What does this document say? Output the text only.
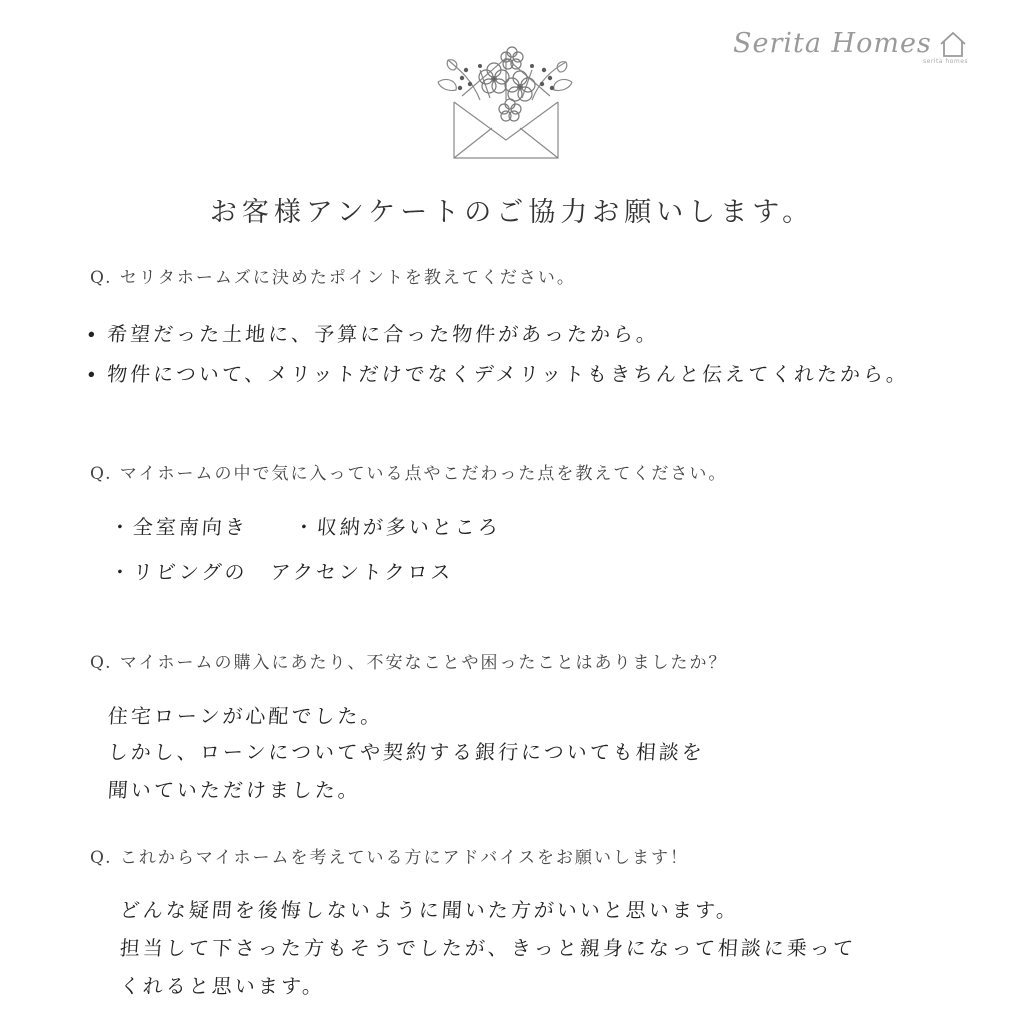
Serita Homes
serita homes
お客様アンケートのご協力お願いします。
Q. セリタホームズに決めたポイントを教えてください。
• 希望だった土地に、予算に合った物件があったから。
• 物件について、メリットだけでなくデメリットもきちんと伝えてくれたから。
Q. マイホームの中で気に入っている点やこだわった点を教えてください。
・全室南向き　　・収納が多いところ
・リビングの　アクセントクロス
Q. マイホームの購入にあたり、不安なことや困ったことはありましたか？
住宅ローンが心配でした。
しかし、ローンについてや契約する銀行についても相談を
聞いていただけました。
Q. これからマイホームを考えている方にアドバイスをお願いします！
どんな疑問を後悔しないように聞いた方がいいと思います。
担当して下さった方もそうでしたが、きっと親身になって相談に乗って
くれると思います。
